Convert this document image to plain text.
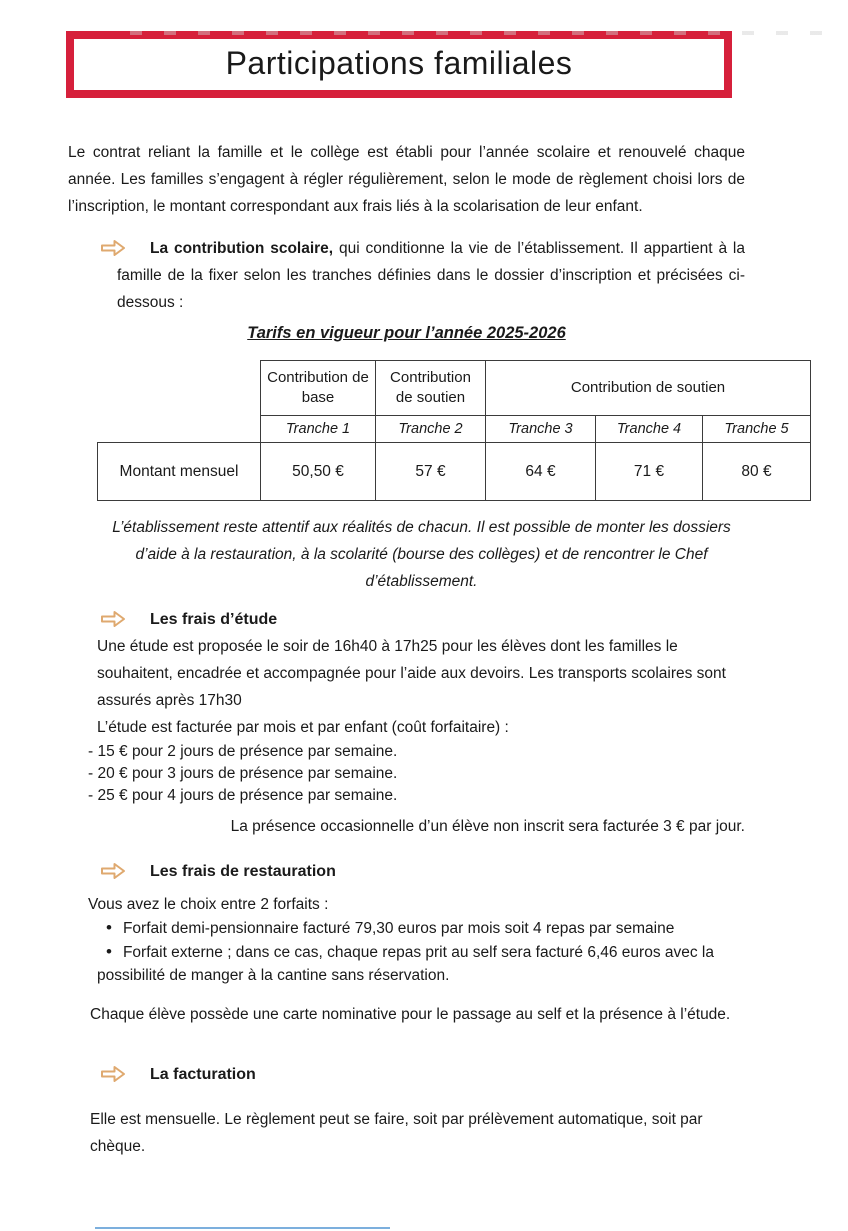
Participations familiales

Le contrat reliant la famille et le collège est établi pour l’année scolaire et renouvelé chaque année. Les familles s’engagent à régler régulièrement, selon le mode de règlement choisi lors de l’inscription, le montant correspondant aux frais liés à la scolarisation de leur enfant.

La contribution scolaire, qui conditionne la vie de l’établissement. Il appartient à la famille de la fixer selon les tranches définies dans le dossier d’inscription et précisées ci-dessous :

Tarifs en vigueur pour l’année 2025-2026

	Contribution de base	Contribution de soutien	Contribution de soutien		
	Tranche 1	Tranche 2	Tranche 3	Tranche 4	Tranche 5
Montant mensuel	50,50 €	57 €	64 €	71 €	80 €

L’établissement reste attentif aux réalités de chacun. Il est possible de monter les dossiers d’aide à la restauration, à la scolarité (bourse des collèges) et de rencontrer le Chef d’établissement.

Les frais d’étude

Une étude est proposée le soir de 16h40 à 17h25 pour les élèves dont les familles le souhaitent, encadrée et accompagnée pour l’aide aux devoirs. Les transports scolaires sont assurés après 17h30

L’étude est facturée par mois et par enfant (coût forfaitaire) :

- 15 € pour 2 jours de présence par semaine.

- 20 € pour 3 jours de présence par semaine.

- 25 € pour 4 jours de présence par semaine.

La présence occasionnelle d’un élève non inscrit sera facturée 3 € par jour.

Les frais de restauration

Vous avez le choix entre 2 forfaits :

• Forfait demi-pensionnaire facturé 79,30 euros par mois soit 4 repas par semaine
• Forfait externe ; dans ce cas, chaque repas prit au self sera facturé 6,46 euros avec la possibilité de manger à la cantine sans réservation.

Chaque élève possède une carte nominative pour le passage au self et la présence à l’étude.

La facturation

Elle est mensuelle. Le règlement peut se faire, soit par prélèvement automatique, soit par chèque.
